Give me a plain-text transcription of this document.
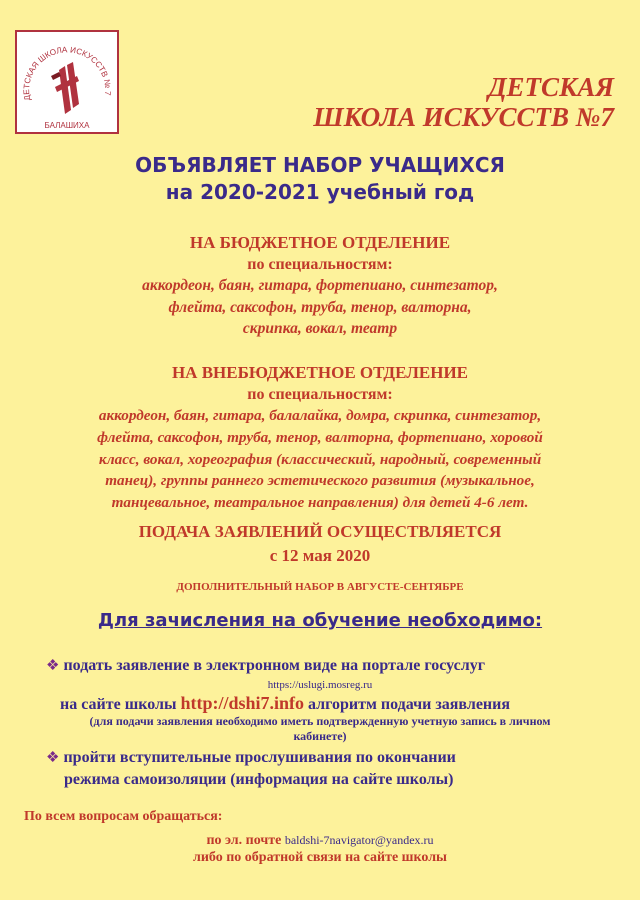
ДЕТСКАЯ ШКОЛА ИСКУССТВ № 7
БАЛАШИХА
ДЕТСКАЯ
ШКОЛА ИСКУССТВ №7
ОБЪЯВЛЯЕТ НАБОР УЧАЩИХСЯ
на 2020-2021 учебный год
НА БЮДЖЕТНОЕ ОТДЕЛЕНИЕ
по специальностям:
аккордеон, баян, гитара, фортепиано, синтезатор,
флейта, саксофон, труба, тенор, валторна,
скрипка, вокал, театр
НА ВНЕБЮДЖЕТНОЕ ОТДЕЛЕНИЕ
по специальностям:
аккордеон, баян, гитара, балалайка, домра, скрипка, синтезатор,
флейта, саксофон, труба, тенор, валторна, фортепиано, хоровой
класс, вокал, хореография (классический, народный, современный
танец), группы раннего эстетического развития (музыкальное,
танцевальное, театральное направления) для детей 4-6 лет.
ПОДАЧА ЗАЯВЛЕНИЙ ОСУЩЕСТВЛЯЕТСЯ
с 12 мая 2020
ДОПОЛНИТЕЛЬНЫЙ НАБОР В АВГУСТЕ-СЕНТЯБРЕ
Для зачисления на обучение необходимо:
❖ подать заявление в электронном виде на портале госуслуг
https://uslugi.mosreg.ru
на сайте школы http://dshi7.info алгоритм подачи заявления
(для подачи заявления необходимо иметь подтвержденную учетную запись в личном
кабинете)
❖ пройти вступительные прослушивания по окончании
режима самоизоляции (информация на сайте школы)
По всем вопросам обращаться:
по эл. почте baldshi-7navigator@yandex.ru
либо по обратной связи на сайте школы
